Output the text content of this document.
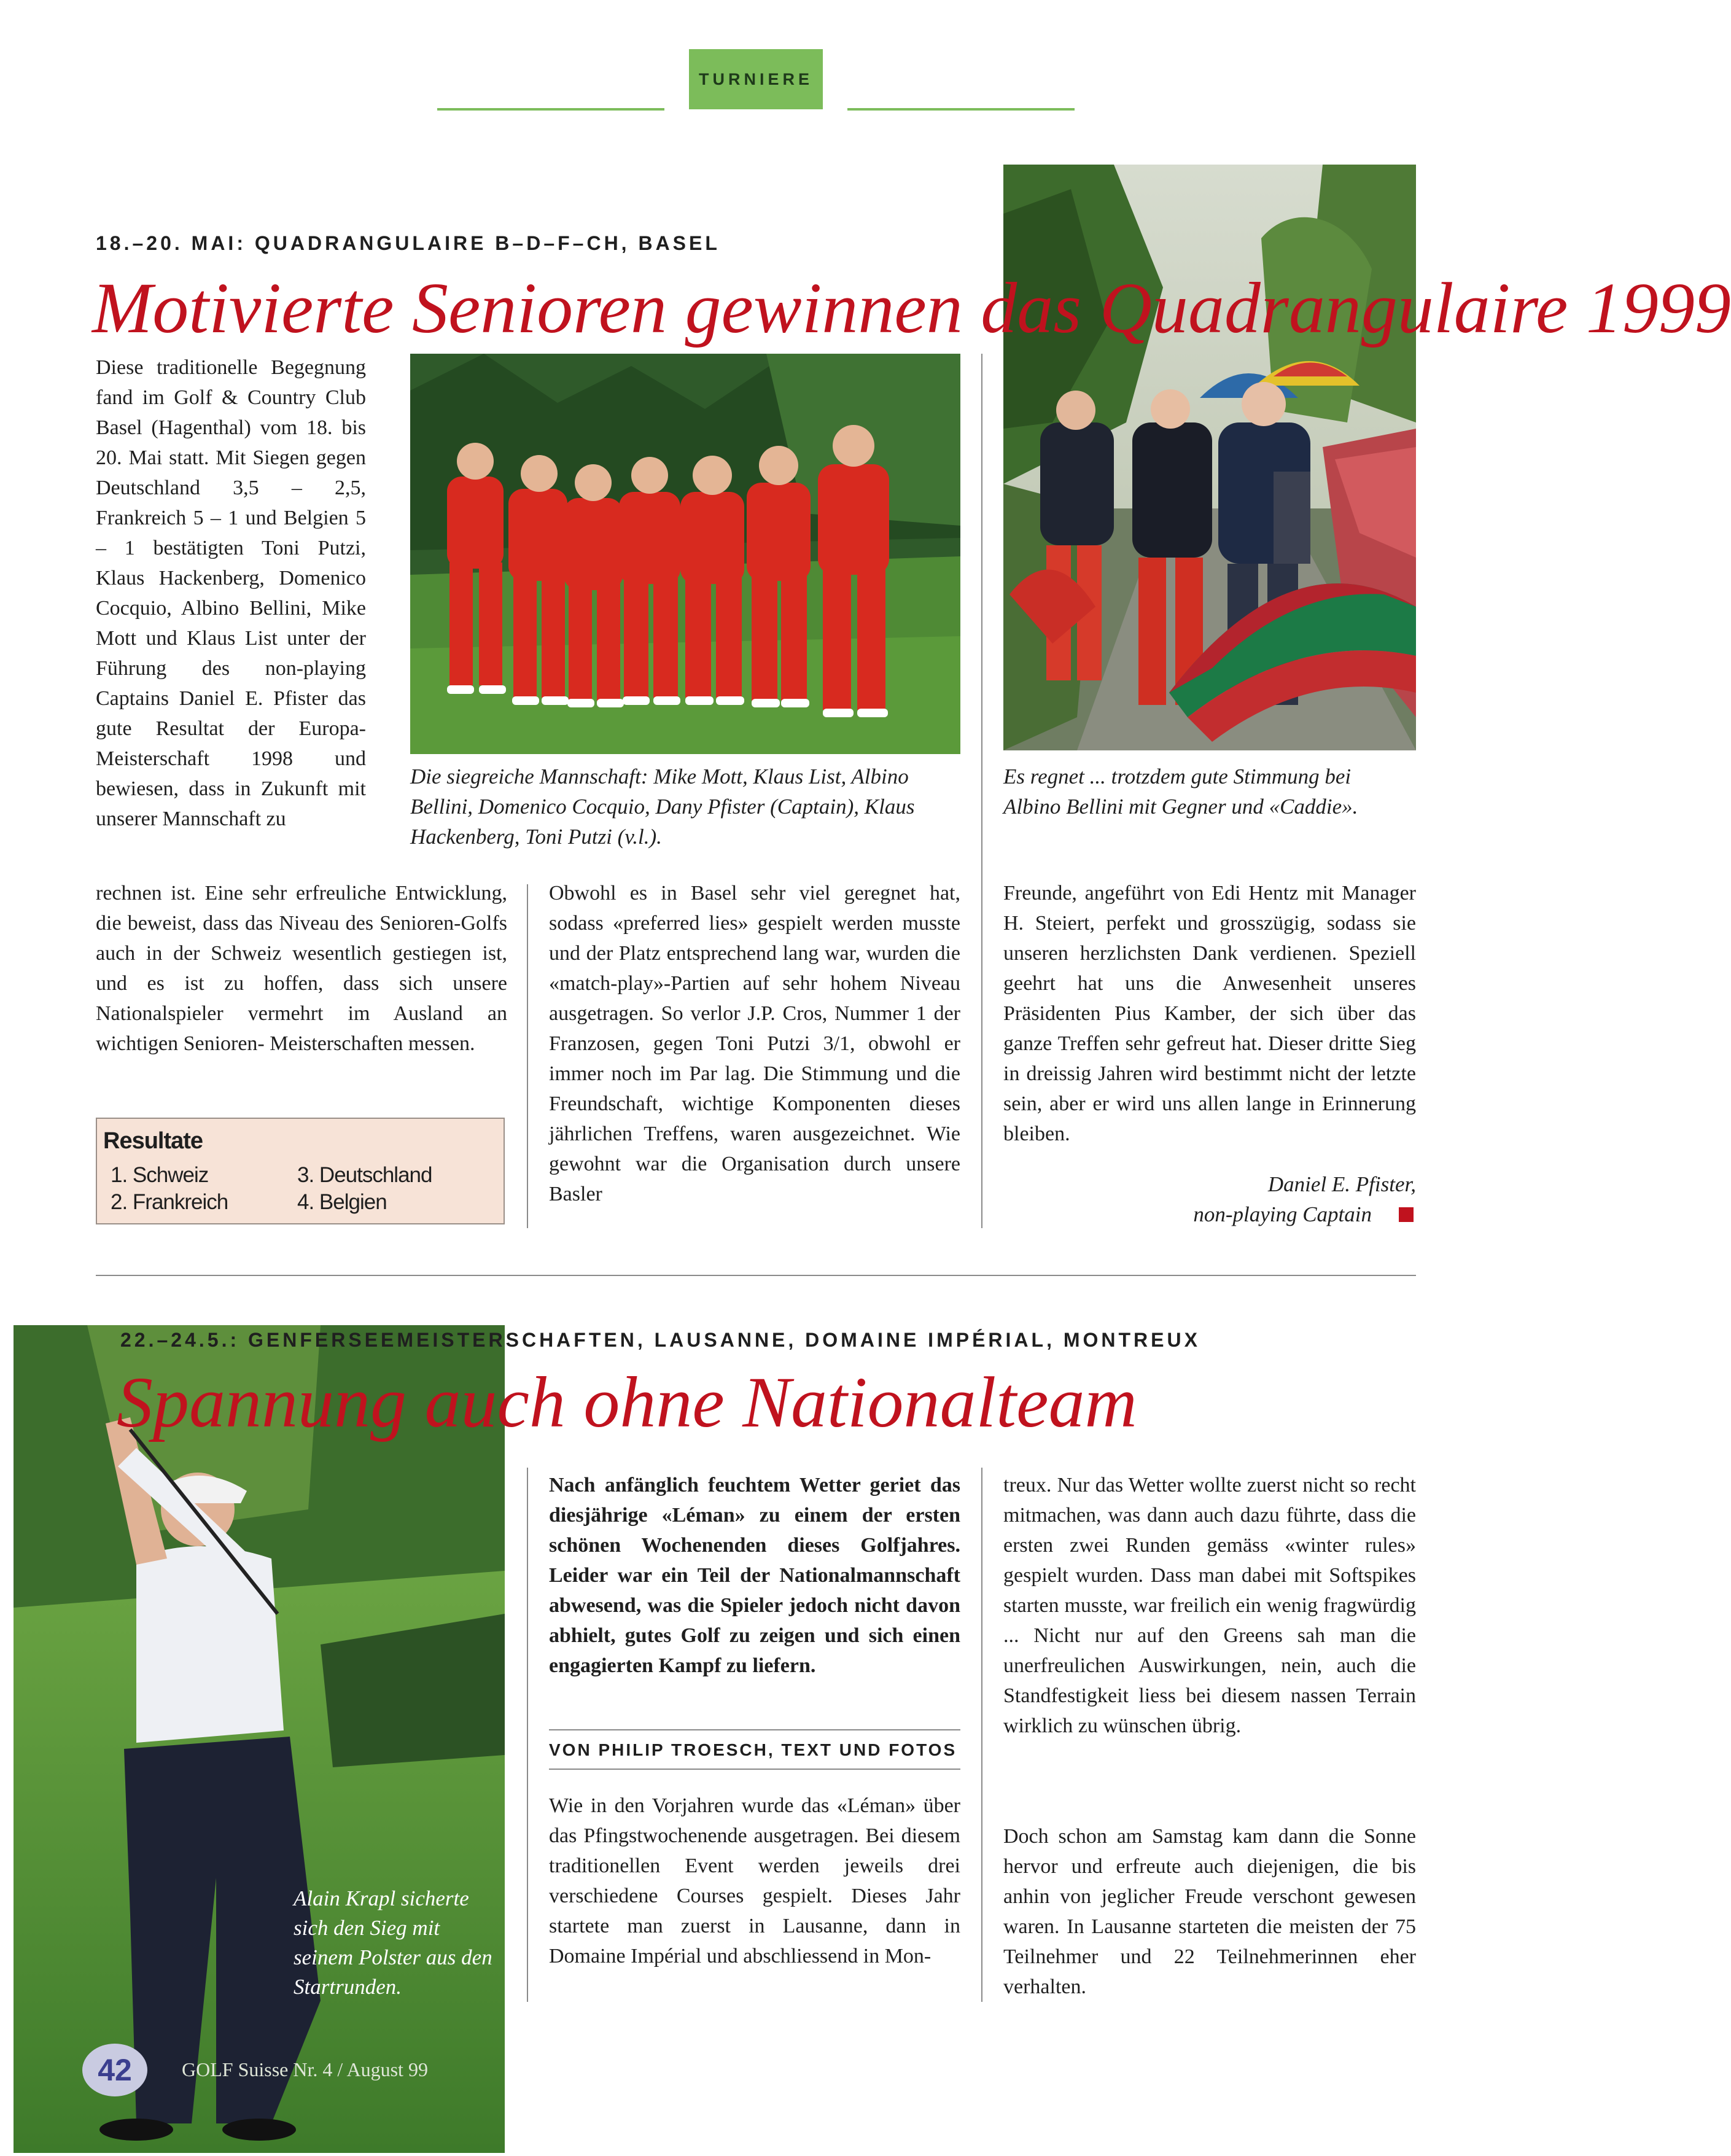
TURNIERE
18.–20. MAI: QUADRANGULAIRE B–D–F–CH, BASEL
Motivierte Senioren gewinnen das Quadrangulaire 1999
Diese traditionelle Begegnung fand im Golf & Country Club Basel (Hagenthal) vom 18. bis 20. Mai statt. Mit Siegen gegen Deutschland 3,5 – 2,5, Frankreich 5 – 1 und Belgien 5 – 1 bestätigten Toni Putzi, Klaus Hackenberg, Domenico Cocquio, Albino Bellini, Mike Mott und Klaus List unter der Führung des non-playing Captains Daniel E. Pfister das gute Resultat der Europa-Meisterschaft 1998 und bewiesen, dass in Zukunft mit unserer Mannschaft zu
rechnen ist. Eine sehr erfreuliche Entwicklung, die beweist, dass das Niveau des Senioren-Golfs auch in der Schweiz wesentlich gestiegen ist, und es ist zu hoffen, dass sich unsere Nationalspieler vermehrt im Ausland an wichtigen Senioren- Meisterschaften messen.
Die siegreiche Mannschaft: Mike Mott, Klaus List, Albino Bellini, Domenico Cocquio, Dany Pfister (Captain), Klaus Hackenberg, Toni Putzi (v.l.).
Es regnet ... trotzdem gute Stimmung bei Albino Bellini mit Gegner und «Caddie».
Obwohl es in Basel sehr viel geregnet hat, sodass «preferred lies» gespielt werden musste und der Platz entsprechend lang war, wurden die «match-play»-Partien auf sehr hohem Niveau ausgetragen. So verlor J.P. Cros, Nummer 1 der Franzosen, gegen Toni Putzi 3/1, obwohl er immer noch im Par lag. Die Stimmung und die Freundschaft, wichtige Komponenten dieses jährlichen Treffens, waren ausgezeichnet. Wie gewohnt war die Organisation durch unsere Basler
Freunde, angeführt von Edi Hentz mit Manager H. Steiert, perfekt und grosszügig, sodass sie unseren herzlichsten Dank verdienen. Speziell geehrt hat uns die Anwesenheit unseres Präsidenten Pius Kamber, der sich über das ganze Treffen sehr gefreut hat. Dieser dritte Sieg in dreissig Jahren wird bestimmt nicht der letzte sein, aber er wird uns allen lange in Erinnerung bleiben.
Daniel E. Pfister,
non-playing Captain
Resultate
1. Schweiz
2. Frankreich
3. Deutschland
4. Belgien
22.–24.5.: GENFERSEEMEISTERSCHAFTEN, LAUSANNE, DOMAINE IMPÉRIAL, MONTREUX
Spannung auch ohne Nationalteam
Nach anfänglich feuchtem Wetter geriet das diesjährige «Léman» zu einem der ersten schönen Wochenenden dieses Golfjahres. Leider war ein Teil der Nationalmannschaft abwesend, was die Spieler jedoch nicht davon abhielt, gutes Golf zu zeigen und sich einen engagierten Kampf zu liefern.
VON PHILIP TROESCH, TEXT UND FOTOS
Wie in den Vorjahren wurde das «Léman» über das Pfingstwochenende ausgetragen. Bei diesem traditionellen Event werden jeweils drei verschiedene Courses gespielt. Dieses Jahr startete man zuerst in Lausanne, dann in Domaine Impérial und abschliessend in Mon-
treux. Nur das Wetter wollte zuerst nicht so recht mitmachen, was dann auch dazu führte, dass die ersten zwei Runden gemäss «winter rules» gespielt wurden. Dass man dabei mit Softspikes starten musste, war freilich ein wenig fragwürdig ... Nicht nur auf den Greens sah man die unerfreulichen Auswirkungen, nein, auch die Standfestigkeit liess bei diesem nassen Terrain wirklich zu wünschen übrig.
Doch schon am Samstag kam dann die Sonne hervor und erfreute auch diejenigen, die bis anhin von jeglicher Freude verschont gewesen waren. In Lausanne starteten die meisten der 75 Teilnehmer und 22 Teilnehmerinnen eher verhalten.
Alain Krapl sicherte sich den Sieg mit seinem Polster aus den Startrunden.
42	GOLF Suisse Nr. 4 / August 99
